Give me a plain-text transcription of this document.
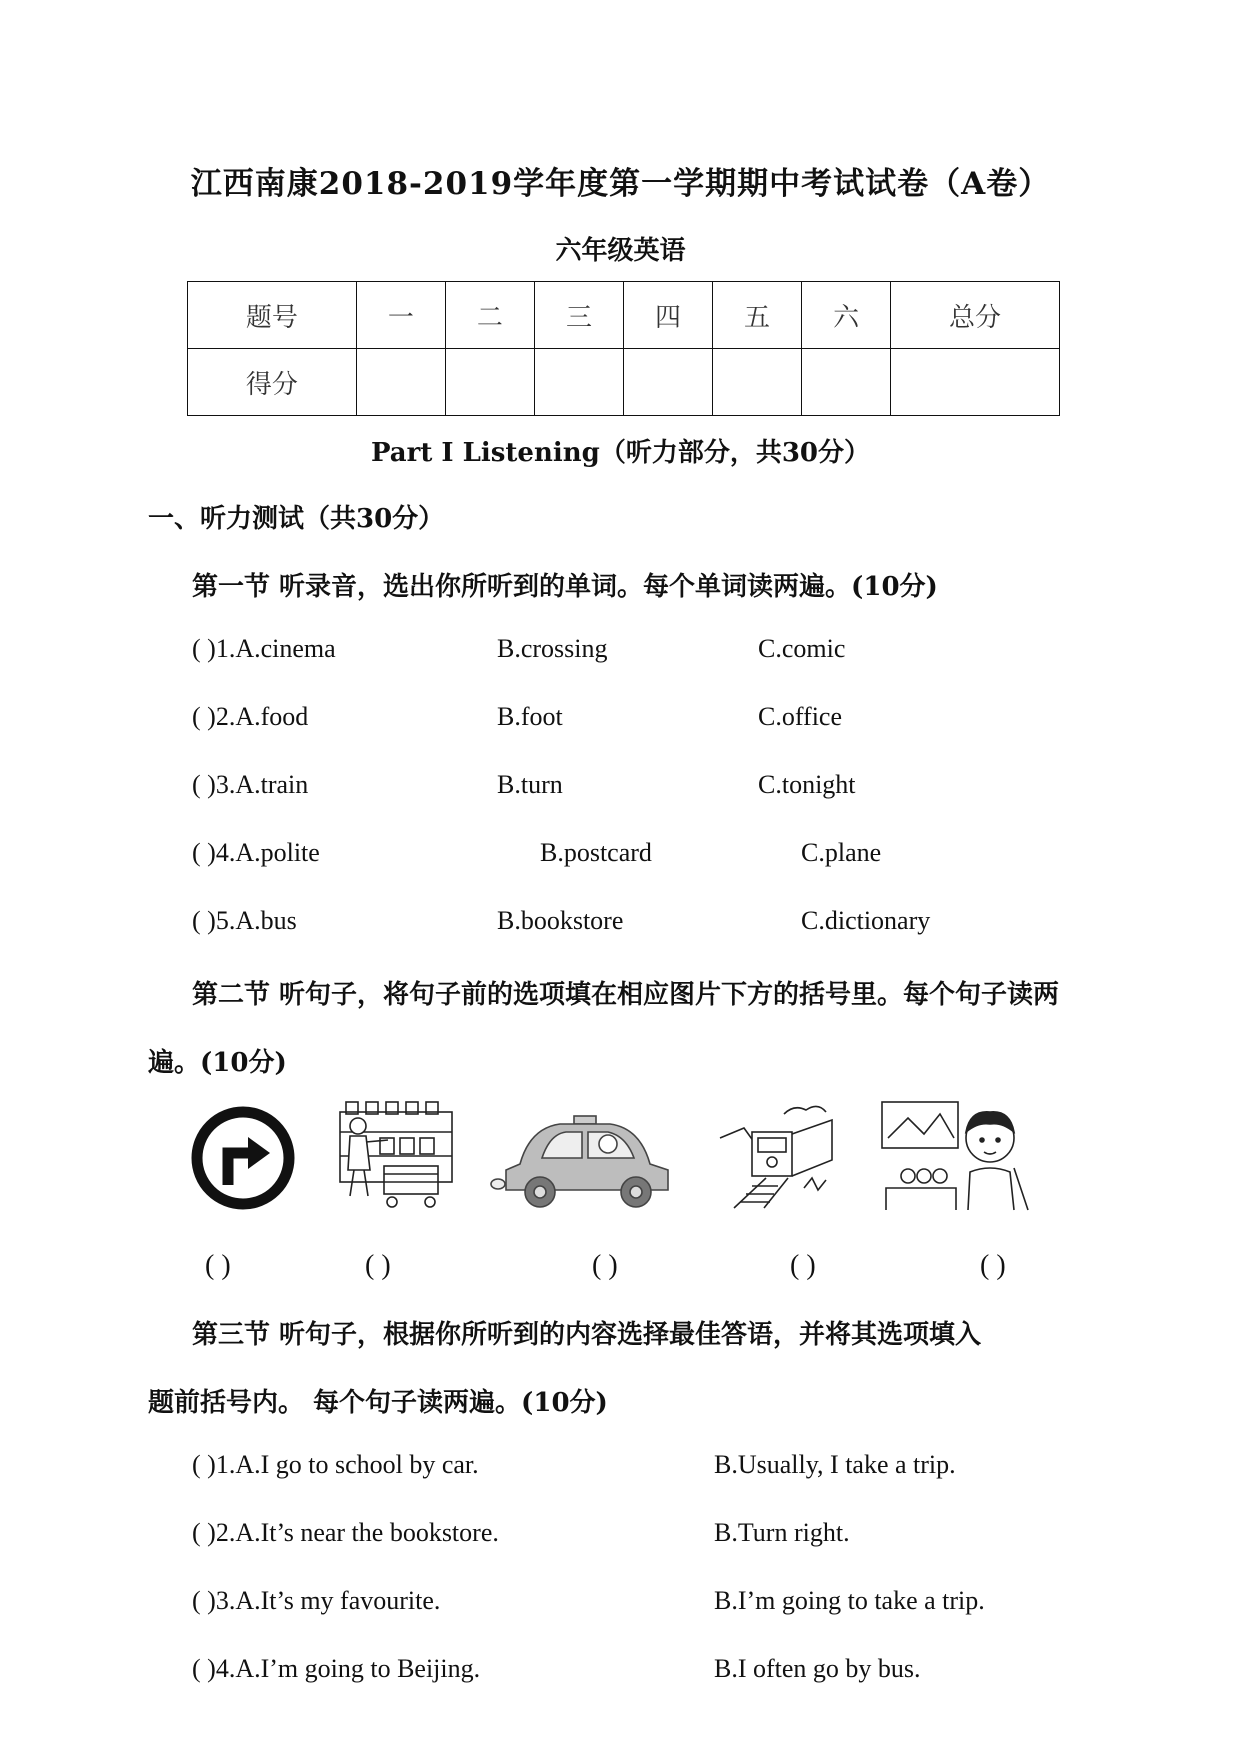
江西南康2018-2019学年度第一学期期中考试试卷（A卷）
六年级英语
题号	一	二	三	四	五	六	总分
得分							
Part I Listening（听力部分，共30分）
一、听力测试（共30分）
第一节 听录音，选出你所听到的单词。每个单词读两遍。(10分)
( )1.A.cinema	B.crossing	C.comic
( )2.A.food	B.foot	C.office
( )3.A.train	B.turn	C.tonight
( )4.A.polite	B.postcard	C.plane
( )5.A.bus	B.bookstore	C.dictionary
第二节 听句子，将句子前的选项填在相应图片下方的括号里。每个句子读两
遍。(10分)
( )	( )	( )	( )	( )
第三节 听句子，根据你所听到的内容选择最佳答语，并将其选项填入
题前括号内。 每个句子读两遍。(10分)
( )1.A.I go to school by car.	B.Usually, I take a trip.
( )2.A.It’s near the bookstore.	B.Turn right.
( )3.A.It’s my favourite.	B.I’m going to take a trip.
( )4.A.I’m going to Beijing.	B.I often go by bus.
